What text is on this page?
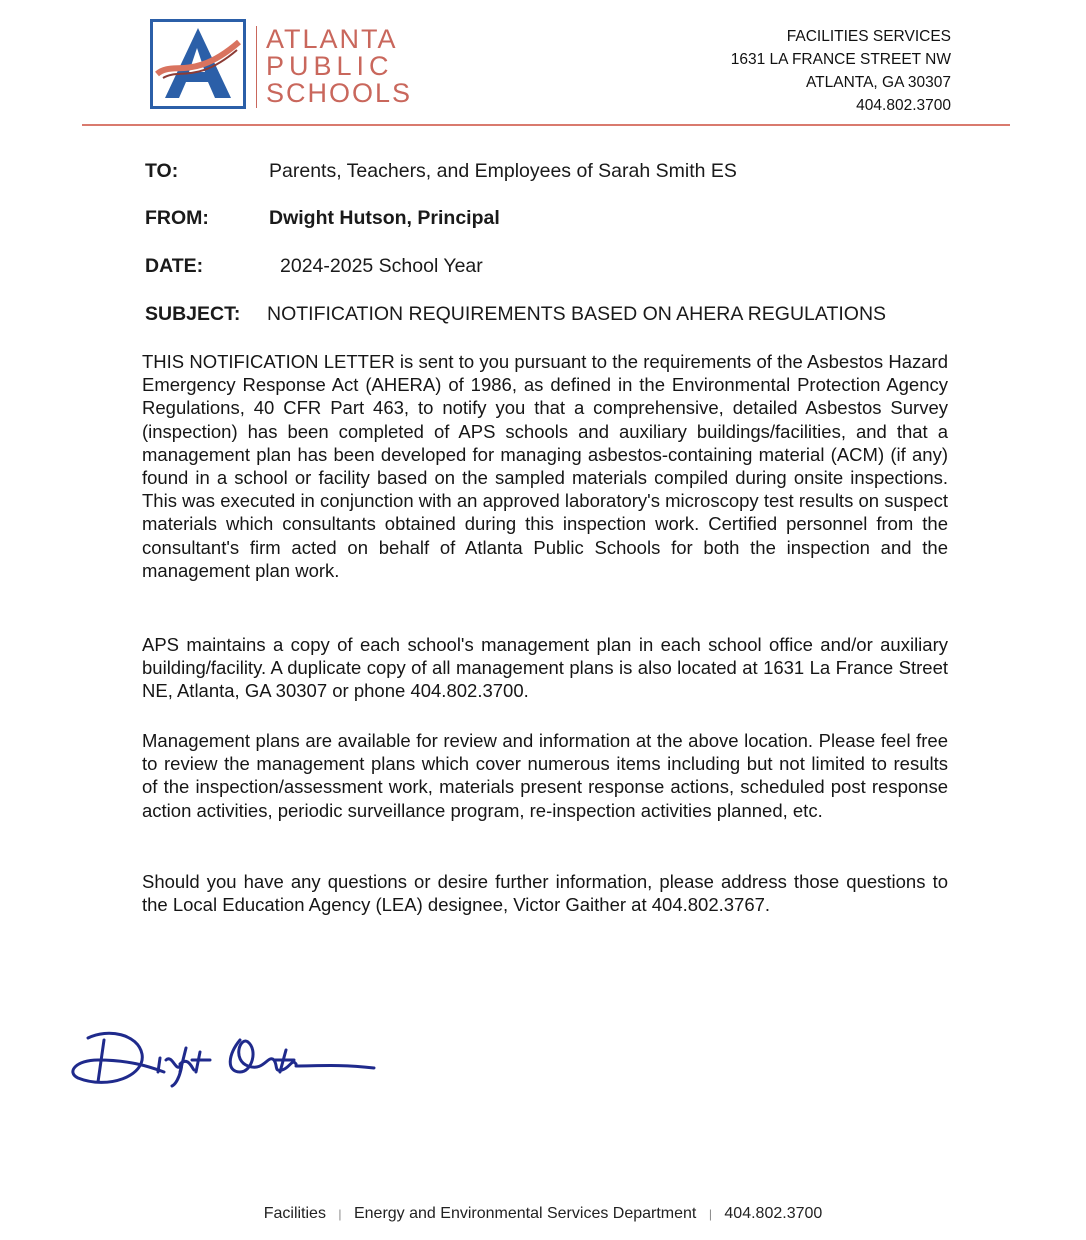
ATLANTA
PUBLIC
SCHOOLS
FACILITIES SERVICES
1631 LA FRANCE STREET NW
ATLANTA, GA 30307
404.802.3700
TO:	Parents, Teachers, and Employees of Sarah Smith ES
FROM:	Dwight Hutson, Principal
DATE:	2024-2025 School Year
SUBJECT: NOTIFICATION REQUIREMENTS BASED ON AHERA REGULATIONS
THIS NOTIFICATION LETTER is sent to you pursuant to the requirements of the Asbestos Hazard Emergency Response Act (AHERA) of 1986, as defined in the Environmental Protection Agency Regulations, 40 CFR Part 463, to notify you that a comprehensive, detailed Asbestos Survey (inspection) has been completed of APS schools and auxiliary buildings/facilities, and that a management plan has been developed for managing asbestos-containing material (ACM) (if any) found in a school or facility based on the sampled materials compiled during onsite inspections. This was executed in conjunction with an approved laboratory's microscopy test results on suspect materials which consultants obtained during this inspection work. Certified personnel from the consultant's firm acted on behalf of Atlanta Public Schools for both the inspection and the management plan work.
APS maintains a copy of each school's management plan in each school office and/or auxiliary building/facility. A duplicate copy of all management plans is also located at 1631 La France Street NE, Atlanta, GA 30307 or phone 404.802.3700.
Management plans are available for review and information at the above location. Please feel free to review the management plans which cover numerous items including but not limited to results of the inspection/assessment work, materials present response actions, scheduled post response action activities, periodic surveillance program, re-inspection activities planned, etc.
Should you have any questions or desire further information, please address those questions to the Local Education Agency (LEA) designee, Victor Gaither at 404.802.3767.
Facilities | Energy and Environmental Services Department | 404.802.3700
